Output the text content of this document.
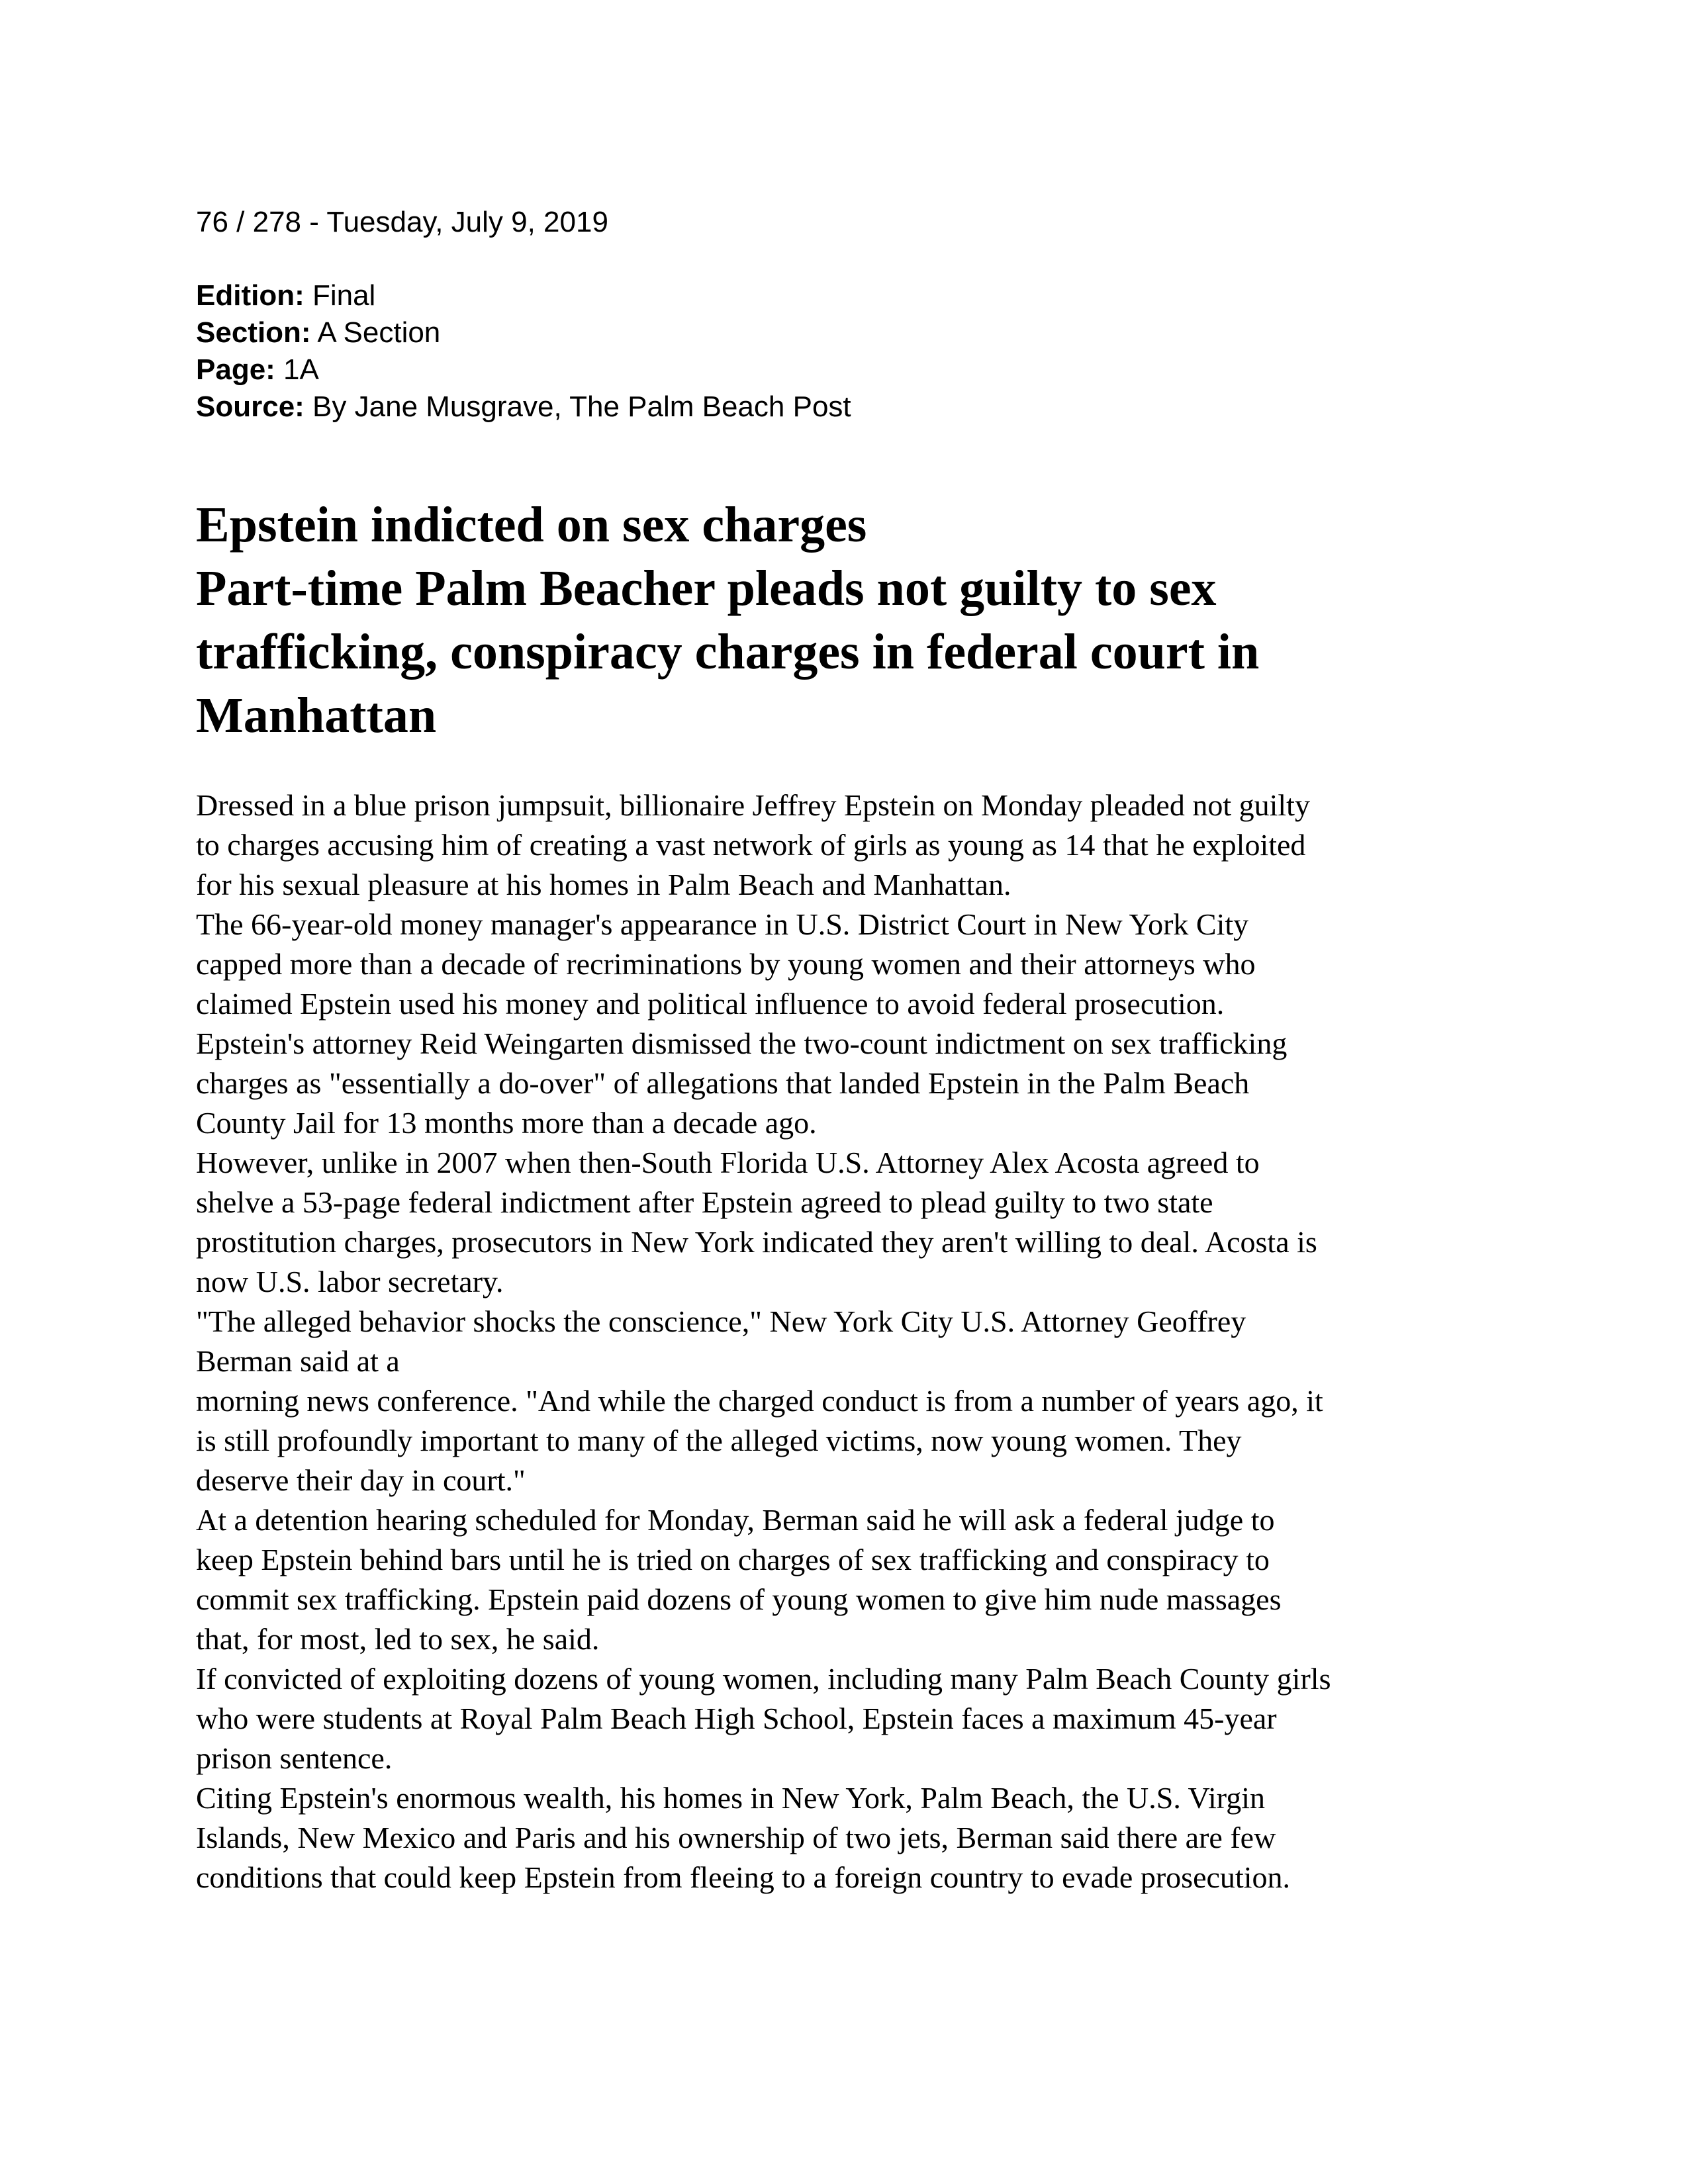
76 / 278 - Tuesday, July 9, 2019

Edition: Final

Section: A Section

Page: 1A

Source: By Jane Musgrave, The Palm Beach Post

Epstein indicted on sex charges

Part-time Palm Beacher pleads not guilty to sex

trafficking, conspiracy charges in federal court in

Manhattan

Dressed in a blue prison jumpsuit, billionaire Jeffrey Epstein on Monday pleaded not guilty

to charges accusing him of creating a vast network of girls as young as 14 that he exploited

for his sexual pleasure at his homes in Palm Beach and Manhattan.

The 66-year-old money manager's appearance in U.S. District Court in New York City

capped more than a decade of recriminations by young women and their attorneys who

claimed Epstein used his money and political influence to avoid federal prosecution.

Epstein's attorney Reid Weingarten dismissed the two-count indictment on sex trafficking

charges as "essentially a do-over" of allegations that landed Epstein in the Palm Beach

County Jail for 13 months more than a decade ago.

However, unlike in 2007 when then-South Florida U.S. Attorney Alex Acosta agreed to

shelve a 53-page federal indictment after Epstein agreed to plead guilty to two state

prostitution charges, prosecutors in New York indicated they aren't willing to deal. Acosta is

now U.S. labor secretary.

"The alleged behavior shocks the conscience," New York City U.S. Attorney Geoffrey

Berman said at a

morning news conference. "And while the charged conduct is from a number of years ago, it

is still profoundly important to many of the alleged victims, now young women. They

deserve their day in court."

At a detention hearing scheduled for Monday, Berman said he will ask a federal judge to

keep Epstein behind bars until he is tried on charges of sex trafficking and conspiracy to

commit sex trafficking. Epstein paid dozens of young women to give him nude massages

that, for most, led to sex, he said.

If convicted of exploiting dozens of young women, including many Palm Beach County girls

who were students at Royal Palm Beach High School, Epstein faces a maximum 45-year

prison sentence.

Citing Epstein's enormous wealth, his homes in New York, Palm Beach, the U.S. Virgin

Islands, New Mexico and Paris and his ownership of two jets, Berman said there are few

conditions that could keep Epstein from fleeing to a foreign country to evade prosecution.
